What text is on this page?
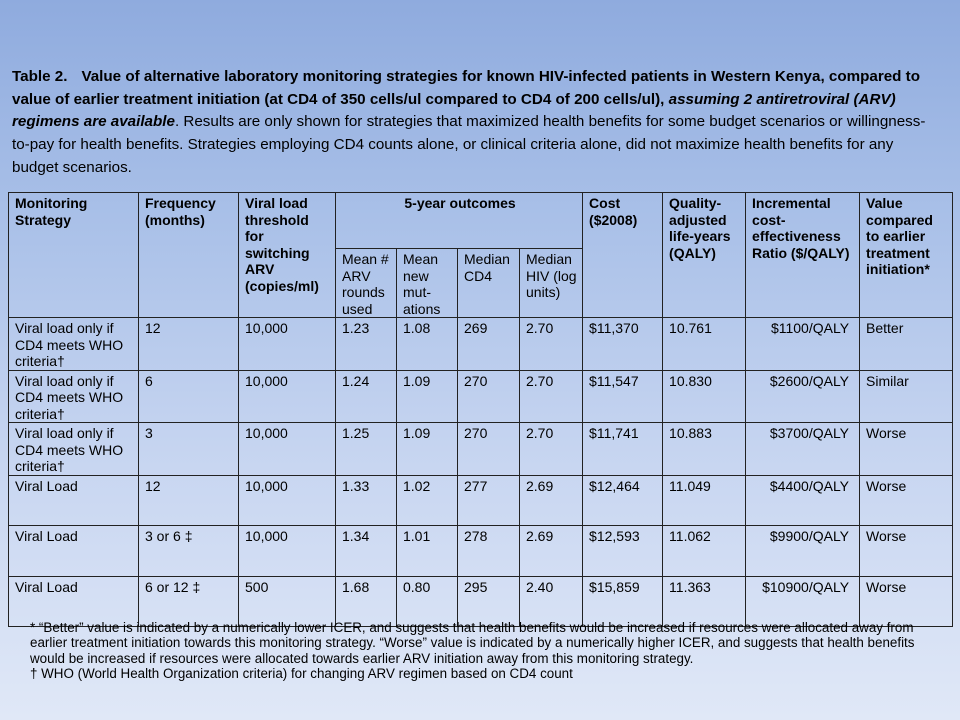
Table 2. Value of alternative laboratory monitoring strategies for known HIV-infected patients in Western Kenya, compared to value of earlier treatment initiation (at CD4 of 350 cells/ul compared to CD4 of 200 cells/ul), assuming 2 antiretroviral (ARV) regimens are available. Results are only shown for strategies that maximized health benefits for some budget scenarios or willingness-to-pay for health benefits. Strategies employing CD4 counts alone, or clinical criteria alone, did not maximize health benefits for any budget scenarios.
Monitoring Strategy	Frequency (months)	Viral load threshold for switching ARV (copies/ml)	5-year outcomes				Cost ($2008)	Quality-adjusted life-years (QALY)	Incremental cost-effectiveness Ratio ($/QALY)	Value compared to earlier treatment initiation*
			Mean # ARV rounds used	Mean new mut-ations	Median CD4	Median HIV (log units)				
Viral load only if CD4 meets WHO criteria†	12	10,000	1.23	1.08	269	2.70	$11,370	10.761	$1100/QALY	Better
Viral load only if CD4 meets WHO criteria†	6	10,000	1.24	1.09	270	2.70	$11,547	10.830	$2600/QALY	Similar
Viral load only if CD4 meets WHO criteria†	3	10,000	1.25	1.09	270	2.70	$11,741	10.883	$3700/QALY	Worse
Viral Load	12	10,000	1.33	1.02	277	2.69	$12,464	11.049	$4400/QALY	Worse
Viral Load	3 or 6 ‡	10,000	1.34	1.01	278	2.69	$12,593	11.062	$9900/QALY	Worse
Viral Load	6 or 12 ‡	500	1.68	0.80	295	2.40	$15,859	11.363	$10900/QALY	Worse
* “Better” value is indicated by a numerically lower ICER, and suggests that health benefits would be increased if resources were allocated away from earlier treatment initiation towards this monitoring strategy. “Worse” value is indicated by a numerically higher ICER, and suggests that health benefits would be increased if resources were allocated towards earlier ARV initiation away from this monitoring strategy.
† WHO (World Health Organization criteria) for changing ARV regimen based on CD4 count
